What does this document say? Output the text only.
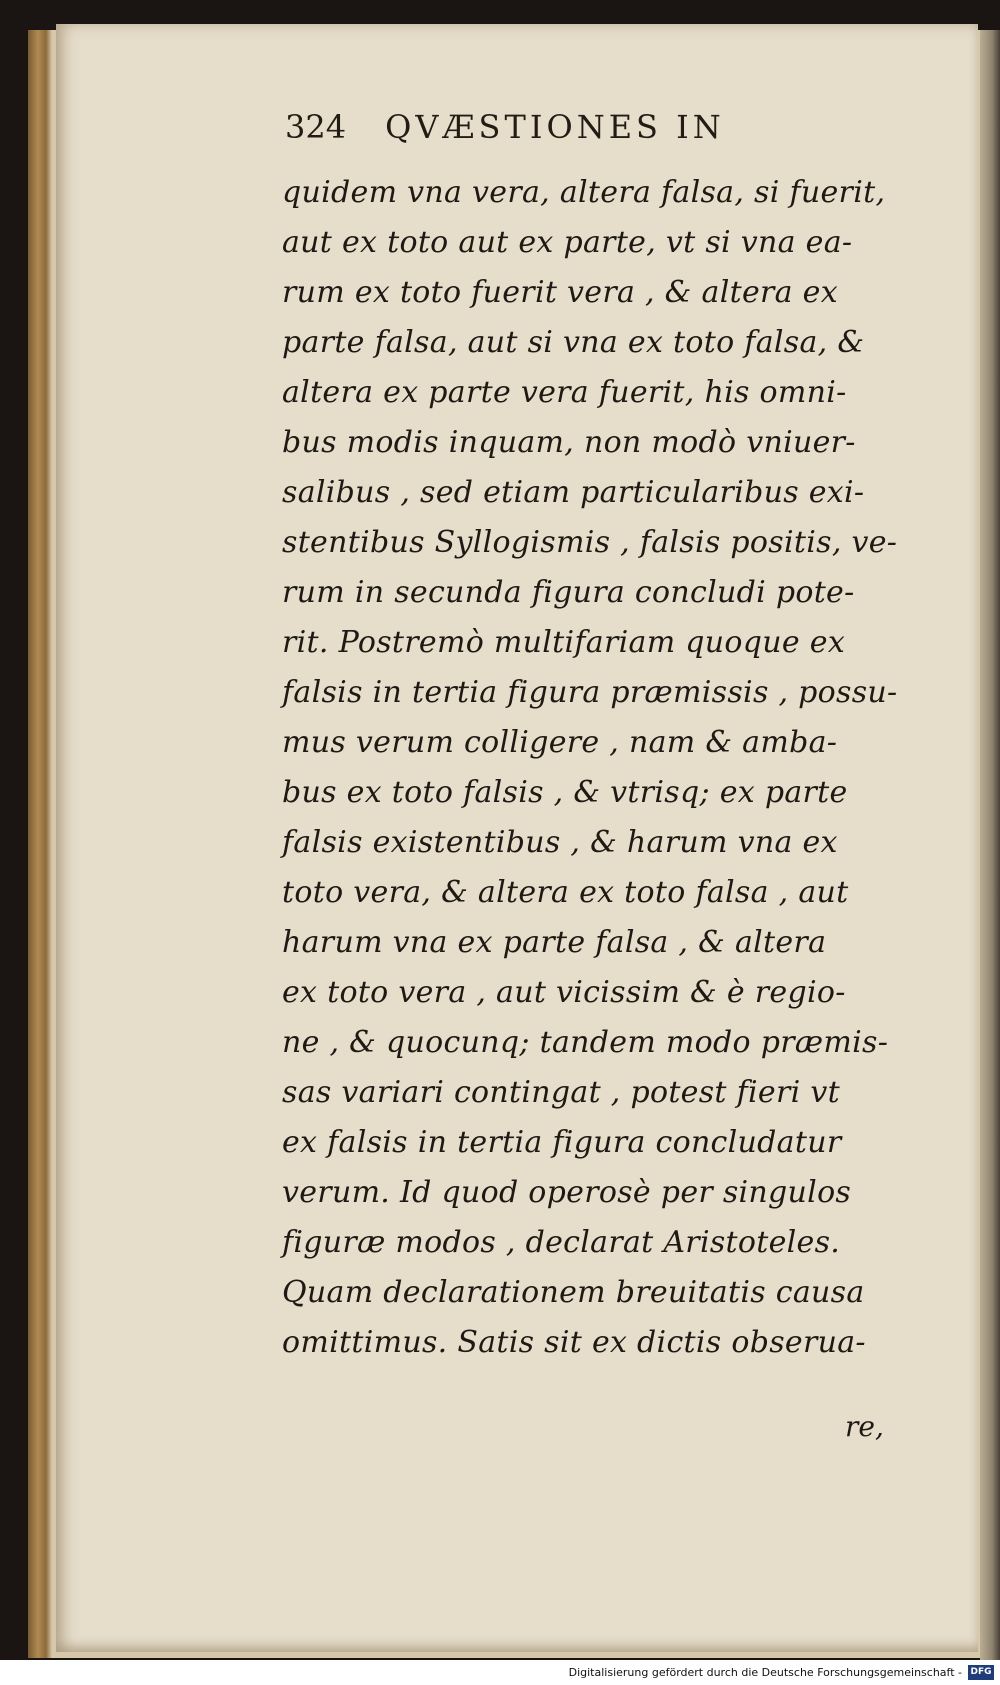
324 QVÆSTIONES IN
quidem vna vera, altera falsa, si fuerit,
aut ex toto aut ex parte, vt si vna ea-
rum ex toto fuerit vera , & altera ex
parte falsa, aut si vna ex toto falsa, &
altera ex parte vera fuerit, his omni-
bus modis inquam, non modò vniuer-
salibus , sed etiam particularibus exi-
stentibus Syllogismis , falsis positis, ve-
rum in secunda figura concludi pote-
rit. Postremò multifariam quoque ex
falsis in tertia figura præmissis , possu-
mus verum colligere , nam & amba-
bus ex toto falsis , & vtrisq; ex parte
falsis existentibus , & harum vna ex
toto vera, & altera ex toto falsa , aut
harum vna ex parte falsa , & altera
ex toto vera , aut vicissim & è regio-
ne , & quocunq; tandem modo præmis-
sas variari contingat , potest fieri vt
ex falsis in tertia figura concludatur
verum. Id quod operosè per singulos
figuræ modos , declarat Aristoteles.
Quam declarationem breuitatis causa
omittimus. Satis sit ex dictis obserua-
re,
Digitalisierung gefördert durch die Deutsche Forschungsgemeinschaft - DFG
